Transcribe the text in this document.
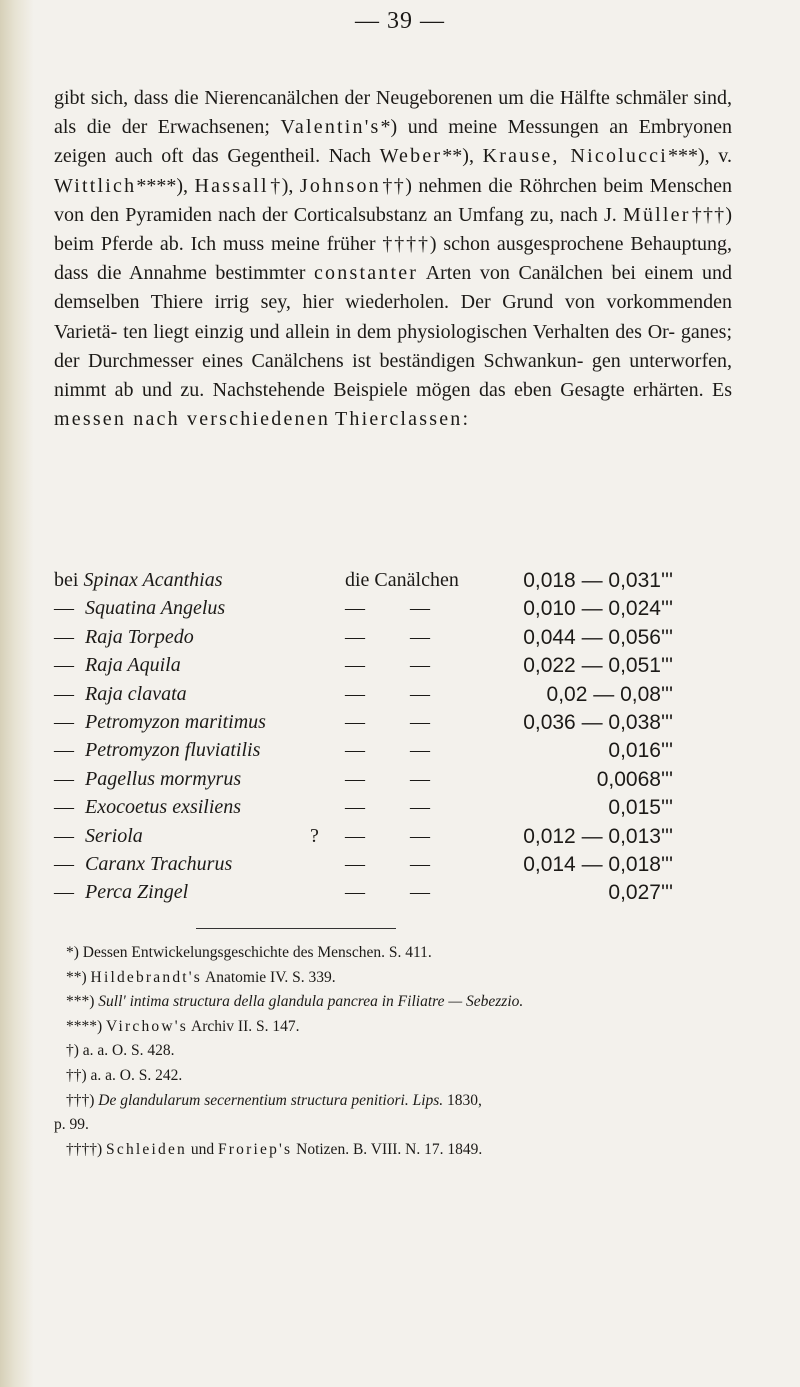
— 39 —

gibt sich, dass die Nierencanälchen der Neugeborenen um die Hälfte schmäler sind, als die der Erwachsenen; Valentin's*) und meine Messungen an Embryonen zeigen auch oft das Gegentheil. Nach Weber**), Krause, Nicolucci***), v. Wittlich****), Hassall†), Johnson††) nehmen die Röhrchen beim Menschen von den Pyramiden nach der Corticalsubstanz an Umfang zu, nach J. Müller†††) beim Pferde ab. Ich muss meine früher ††††) schon ausgesprochene Behauptung, dass die Annahme bestimmter constanter Arten von Canälchen bei einem und demselben Thiere irrig sey, hier wiederholen. Der Grund von vorkommenden Varietä- ten liegt einzig und allein in dem physiologischen Verhalten des Or- ganes; der Durchmesser eines Canälchens ist beständigen Schwankun- gen unterworfen, nimmt ab und zu. Nachstehende Beispiele mögen das eben Gesagte erhärten. Es messen nach verschiedenen Thierclassen:

bei Spinax Acanthias	die Canälchen	0,018 — 0,031'''
— Squatina Angelus	— —	0,010 — 0,024'''
— Raja Torpedo	— —	0,044 — 0,056'''
— Raja Aquila	— —	0,022 — 0,051'''
— Raja clavata	— —	0,02 — 0,08'''
— Petromyzon maritimus	— —	0,036 — 0,038'''
— Petromyzon fluviatilis	— —	0,016'''
— Pagellus mormyrus	— —	0,0068'''
— Exocoetus exsiliens	— —	0,015'''
— Seriola	? — —	0,012 — 0,013'''
— Caranx Trachurus	— —	0,014 — 0,018'''
— Perca Zingel	— —	0,027'''
*) Dessen Entwickelungsgeschichte des Menschen. S. 411.
**) Hildebrandt's Anatomie IV. S. 339.
***) Sull' intima structura della glandula pancrea in Filiatre — Sebezzio.
****) Virchow's Archiv II. S. 147.
†) a. a. O. S. 428.
††) a. a. O. S. 242.
†††) De glandularum secernentium structura penitiori. Lips. 1830,
p. 99.
††††) Schleiden und Froriep's Notizen. B. VIII. N. 17. 1849.
